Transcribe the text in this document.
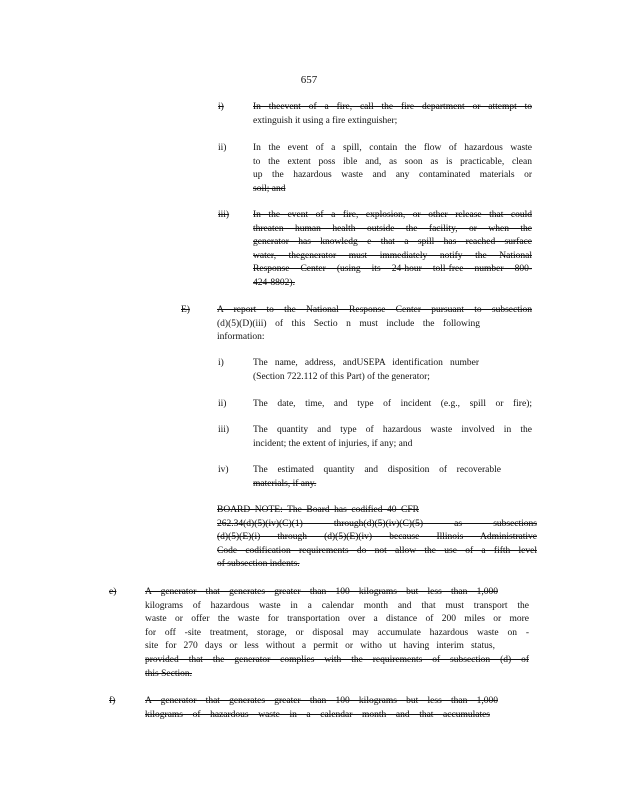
657
i)	In theevent of a fire, call the fire department or attempt to
extinguish it using a fire extinguisher;
ii)	In the event of a spill, contain the flow of hazardous waste
to the extent poss ible and, as soon as is practicable, clean
up the hazardous waste and any contaminated materials or
soil; and
iii)	In the event of a fire, explosion, or other release that could
threaten human health outside the facility, or when the
generator has knowledg e that a spill has reached surface
water, thegenerator must immediately notify the National
Response Center (using its 24-hour toll-free number 800-
424-8802).
E)	A report to the National Response Center pursuant to subsection
(d)(5)(D)(iii) of this Sectio n must include the following
information:
i)	The name, address, andUSEPA identification number
(Section 722.112 of this Part) of the generator;
ii)	The date, time, and type of incident (e.g., spill or fire);
iii)	The quantity and type of hazardous waste involved in the
incident; the extent of injuries, if any; and
iv)	The estimated quantity and disposition of recoverable
materials, if any.
BOARD NOTE: The Board has codified 40 CFR
262.34(d)(5)(iv)(C)(1) through(d)(5)(iv)(C)(5) as subsections
(d)(5)(E)(i) through (d)(5)(E)(iv) because Illinois Administrative
Code codification requirements do not allow the use of a fifth level
of subsection indents.
e)	A generator that generates greater than 100 kilograms but less than 1,000
kilograms of hazardous waste in a calendar month and that must transport the
waste or offer the waste for transportation over a distance of 200 miles or more
for off -site treatment, storage, or disposal may accumulate hazardous waste on -
site for 270 days or less without a permit or witho ut having interim status,
provided that the generator complies with the requirements of subsection (d) of
this Section.
f)	A generator that generates greater than 100 kilograms but less than 1,000
kilograms of hazardous waste in a calendar month and that accumulates
